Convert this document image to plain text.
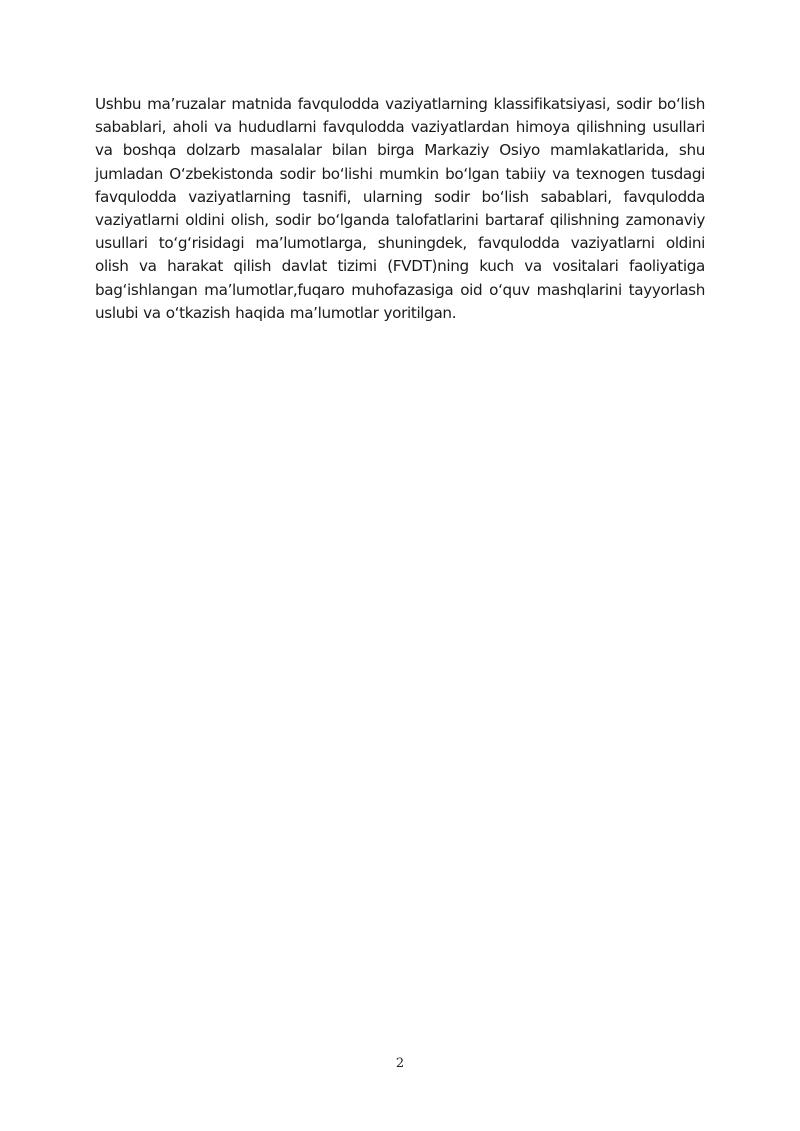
Ushbu ma’ruzalar matnida favqulodda vaziyatlarning klassifikatsiyasi, sodir bo‘lish sabablari, aholi va hududlarni favqulodda vaziyatlardan himoya qilishning usullari va boshqa dolzarb masalalar bilan birga Markaziy Osiyo mamlakatlarida, shu jumladan O‘zbekistonda sodir bo‘lishi mumkin bo‘lgan tabiiy va texnogen tusdagi favqulodda vaziyatlarning tasnifi, ularning sodir bo‘lish sabablari, favqulodda vaziyatlarni oldini olish, sodir bo‘lganda talofatlarini bartaraf qilishning zamonaviy usullari to‘g‘risidagi ma’lumotlarga, shuningdek, favqulodda vaziyatlarni oldini olish va harakat qilish davlat tizimi (FVDT)ning kuch va vositalari faoliyatiga bag‘ishlangan ma’lumotlar,fuqaro muhofazasiga oid o‘quv mashqlarini tayyorlash uslubi va o‘tkazish haqida ma’lumotlar yoritilgan.

2
